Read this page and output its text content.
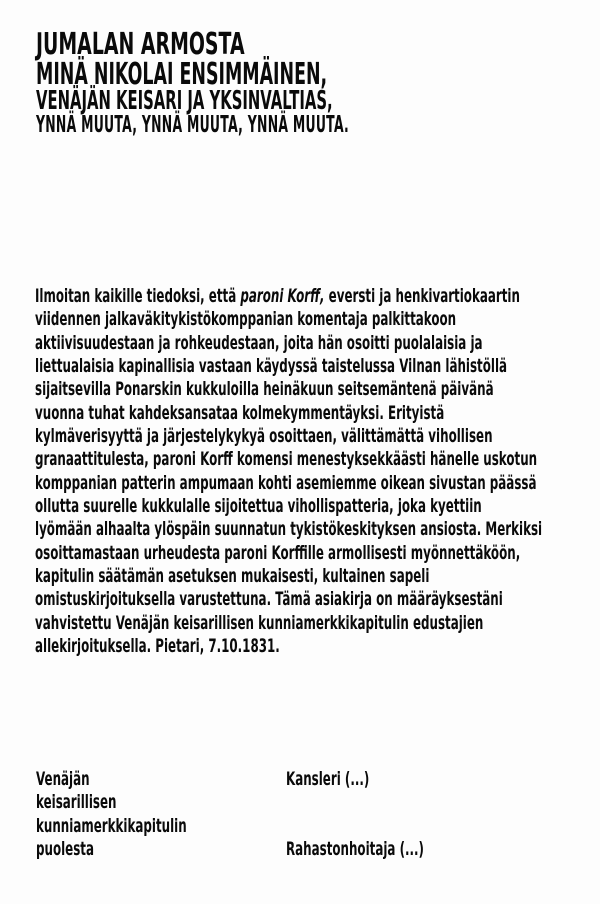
JUMALAN ARMOSTA
MINÄ NIKOLAI ENSIMMÄINEN,
VENÄJÄN KEISARI JA YKSINVALTIAS,
YNNÄ MUUTA, YNNÄ MUUTA, YNNÄ MUUTA.
Ilmoitan kaikille tiedoksi, että paroni Korff, eversti ja henkivartiokaartin
viidennen jalkaväkitykistökomppanian komentaja palkittakoon
aktiivisuudestaan ja rohkeudestaan, joita hän osoitti puolalaisia ja
liettualaisia kapinallisia vastaan käydyssä taistelussa Vilnan lähistöllä
sijaitsevilla Ponarskin kukkuloilla heinäkuun seitsemäntenä päivänä
vuonna tuhat kahdeksansataa kolmekymmentäyksi. Erityistä
kylmäverisyyttä ja järjestelykykyä osoittaen, välittämättä vihollisen
granaattitulesta, paroni Korff komensi menestyksekkäästi hänelle uskotun
komppanian patterin ampumaan kohti asemiemme oikean sivustan päässä
ollutta suurelle kukkulalle sijoitettua vihollispatteria, joka kyettiin
lyömään alhaalta ylöspäin suunnatun tykistökeskityksen ansiosta. Merkiksi
osoittamastaan urheudesta paroni Korffille armollisesti myönnettäköön,
kapitulin säätämän asetuksen mukaisesti, kultainen sapeli
omistuskirjoituksella varustettuna. Tämä asiakirja on määräyksestäni
vahvistettu Venäjän keisarillisen kunniamerkkikapitulin edustajien
allekirjoituksella. Pietari, 7.10.1831.
Venäjän
keisarillisen
kunniamerkkikapitulin
puolesta
Kansleri (...)
Rahastonhoitaja (...)
